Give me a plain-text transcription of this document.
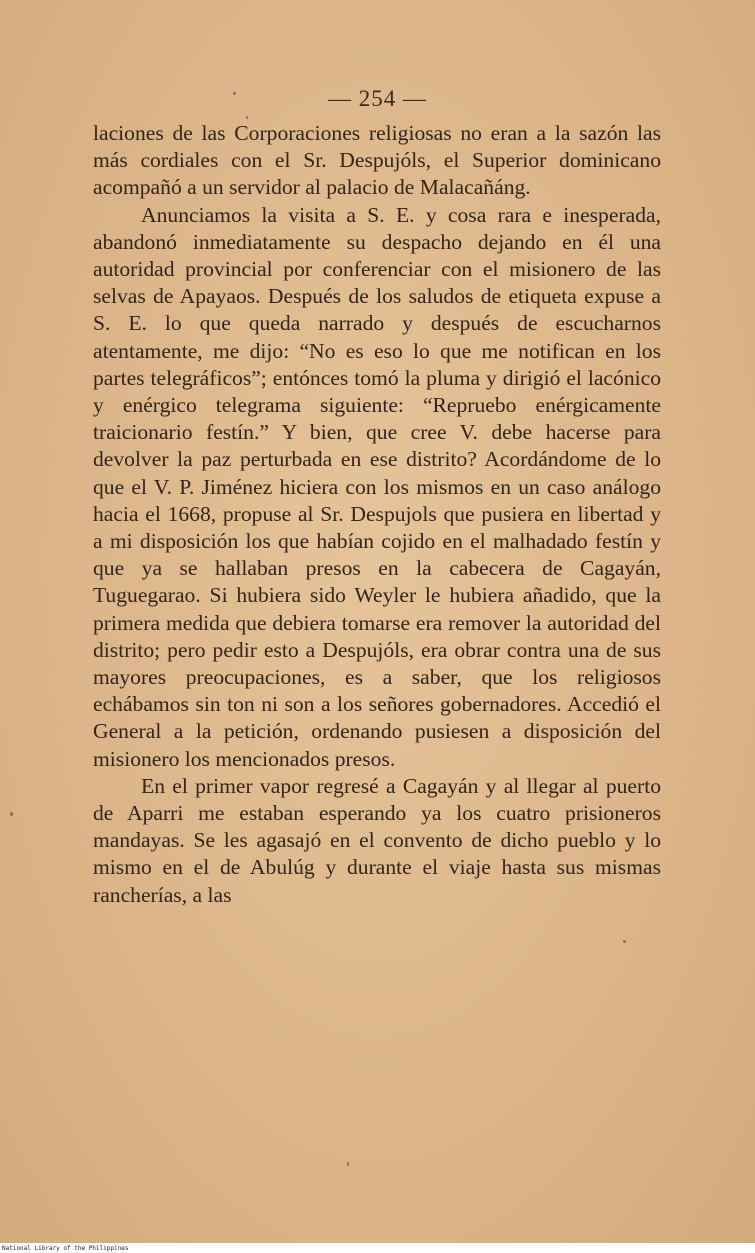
— 254 —

laciones de las Corporaciones religiosas no eran a la sazón las más cordiales con el Sr. Despujóls, el Superior dominicano acompañó a un servidor al palacio de Malacañáng.

Anunciamos la visita a S. E. y cosa rara e inesperada, abandonó inmediatamente su despacho dejando en él una autoridad provincial por conferenciar con el misionero de las selvas de Apayaos. Después de los saludos de etiqueta expuse a S. E. lo que queda narrado y después de escucharnos atentamente, me dijo: “No es eso lo que me notifican en los partes telegráficos”; entónces tomó la pluma y dirigió el lacónico y enérgico telegrama siguiente: “Repruebo enérgicamente traicionario festín.” Y bien, que cree V. debe hacerse para devolver la paz perturbada en ese distrito? Acordándome de lo que el V. P. Jiménez hiciera con los mismos en un caso análogo hacia el 1668, propuse al Sr. Despujols que pusiera en libertad y a mi disposición los que habían cojido en el malhadado festín y que ya se hallaban presos en la cabecera de Cagayán, Tuguegarao. Si hubiera sido Weyler le hubiera añadido, que la primera medida que debiera tomarse era remover la autoridad del distrito; pero pedir esto a Despujóls, era obrar contra una de sus mayores preocupaciones, es a saber, que los religiosos echábamos sin ton ni son a los señores gobernadores. Accedió el General a la petición, ordenando pusiesen a disposición del misionero los mencionados presos.

En el primer vapor regresé a Cagayán y al llegar al puerto de Aparri me estaban esperando ya los cuatro prisioneros mandayas. Se les agasajó en el convento de dicho pueblo y lo mismo en el de Abulúg y durante el viaje hasta sus mismas rancherías, a las

National Library of the Philippines
